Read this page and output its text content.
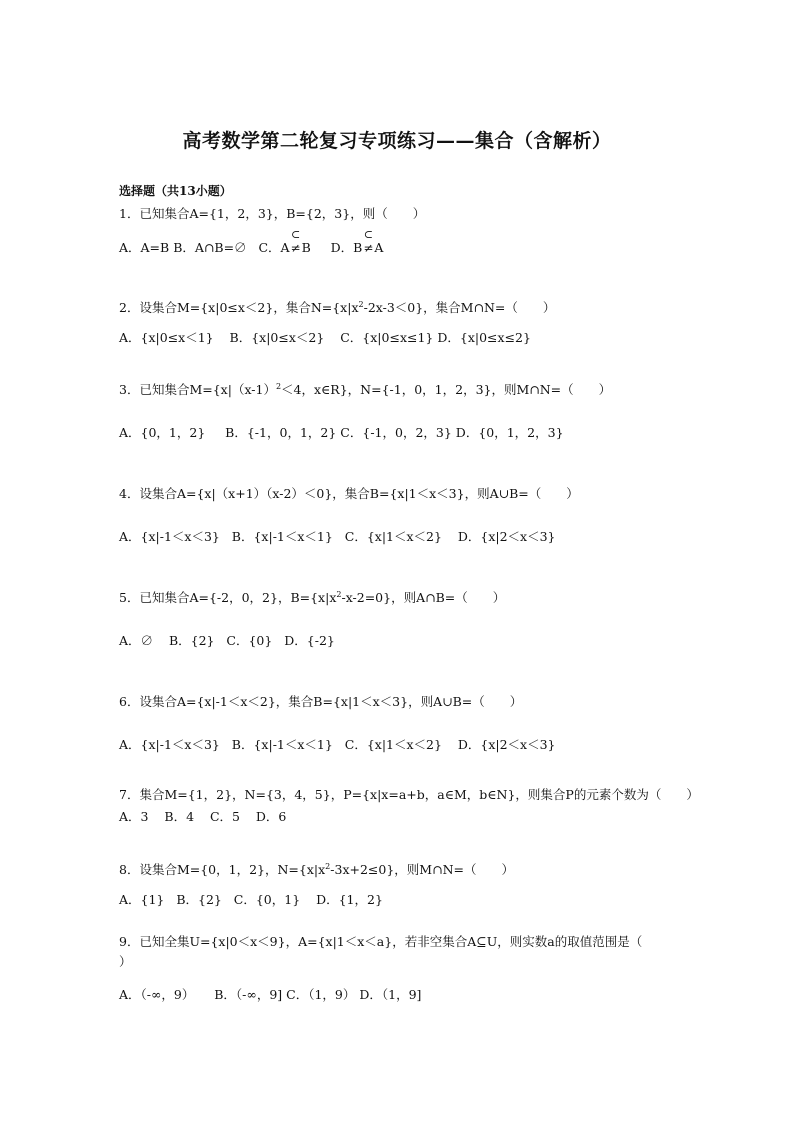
高考数学第二轮复习专项练习——集合（含解析）
选择题（共13小题）
1．已知集合A={1，2，3}，B={2，3}，则（　　）
A．A=B B．A∩B=∅ C．A
⊂
≠B D．B
⊂
≠A
2．设集合M={x|0≤x＜2}，集合$N=\{x|x^2-2x-3<0\}$，集合M∩N=（　　）
A．{x|0≤x＜1} B．{x|0≤x＜2} C．{x|0≤x≤1} D．{x|0≤x≤2}
3．已知集合$M=\{x|(x-1)^2<4$，x∈R}，N={-1，0，1，2，3}，则M∩N=（　　）
A．{0，1，2} B．{-1，0，1，2} C．{-1，0，2，3} D．{0，1，2，3}
4．设集合A={x|（x+1）（x-2）＜0}，集合B={x|1＜x＜3}，则A∪B=（　　）
A．{x|-1＜x＜3} B．{x|-1＜x＜1} C．{x|1＜x＜2} D．{x|2＜x＜3}
5．已知集合A={-2，0，2}，$B=\{x|x^2-x-2=0\}$，则A∩B=（　　）
A．∅ B．{2} C．{0} D．{-2}
6．设集合A={x|-1＜x＜2}，集合B={x|1＜x＜3}，则A∪B=（　　）
A．{x|-1＜x＜3} B．{x|-1＜x＜1} C．{x|1＜x＜2} D．{x|2＜x＜3}
7．集合M={1，2}，N={3，4，5}，P={x|x=a+b，a∈M，b∈N}，则集合P的元素个数为（　　）
A．3 B．4 C．5 D．6
8．设集合M={0，1，2}，$N=\{x|x^2-3x+2\le 0\}$，则M∩N=（　　）
A．{1} B．{2} C．{0，1} D．{1，2}
9．已知全集U={x|0＜x＜9}，A={x|1＜x＜a}，若非空集合A⊆U，则实数a的取值范围是（
）
A．（-∞，9） B．（-∞，9] C．（1，9） D．（1，9]
